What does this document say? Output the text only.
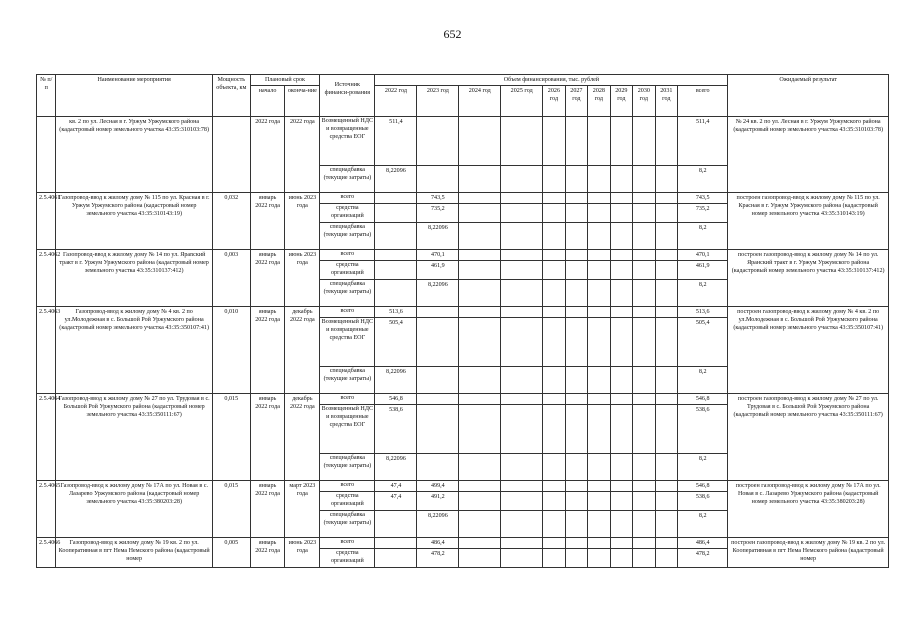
652
№ п/п	Наименование мероприятия	Мощность объекта, км	Плановый срок		Источник финанси-рования	Объем финансирования, тыс. рублей											Ожидаемый результат
			начало	оконча-ние		2022 год	2023 год	2024 год	2025 год	2026 год	2027 год	2028 год	2029 год	2030 год	2031 год	всего	
	кв. 2 по ул. Лесная в г. Уржум Уржумского района (кадастровый номер земельного участка 43:35:310103:78)		2022 года	2022 года	Возмещенный НДС и возвращенные средства ЕОГ	511,4										511,4	№ 24 кв. 2 по ул. Лесная в г. Уржум Уржумского района (кадастровый номер земельного участка 43:35:310103:78)
					спецнадбавка (текущие затраты)	8,22096										8,2	
2.5.4061	Газопровод-ввод к жилому дому № 115 по ул. Красная в г. Уржум Уржумского района (кадастровый номер земельного участка 43:35:310143:19)	0,032	январь 2022 года	июнь 2023 года	всего		743,5									743,5	построен газопровод-ввод к жилому дому № 115 по ул. Красная в г. Уржум Уржумского района (кадастровый номер земельного участка 43:35:310143:19)
					средства организаций		735,2									735,2	
					спецнадбавка (текущие затраты)		8,22096									8,2	
2.5.4062	Газопровод-ввод к жилому дому № 14 по ул. Ярanский тракт в г. Уржум Уржумского района (кадастровый номер земельного участка 43:35:310137:412)	0,003	январь 2022 года	июнь 2023 года	всего		470,1									470,1	построен газопровод-ввод к жилому дому № 14 по ул. Яранский тракт в г. Уржум Уржумского района (кадастровый номер земельного участка 43:35:310137:412)
					средства организаций		461,9									461,9	
					спецнадбавка (текущие затраты)		8,22096									8,2	
2.5.4063	Газопровод-ввод к жилому дому № 4 кв. 2 по ул.Молодежная в с. Большой Рой Уржумского района (кадастровый номер земельного участка 43:35:350107:41)	0,010	январь 2022 года	декабрь 2022 года	всего	513,6										513,6	построен газопровод-ввод к жилому дому № 4 кв. 2 по ул.Молодежная в с. Большой Рой Уржумского района (кадастровый номер земельного участка 43:35:350107:41)
					Возмещенный НДС и возвращенные средства ЕОГ	505,4										505,4	
					спецнадбавка (текущие затраты)	8,22096										8,2	
2.5.4064	Газопровод-ввод к жилому дому № 27 по ул. Трудовая в с. Большой Рой Уржумского района (кадастровый номер земельного участка 43:35:350111:67)	0,015	январь 2022 года	декабрь 2022 года	всего	546,8										546,8	построен газопровод-ввод к жилому дому № 27 по ул. Трудовая в с. Большой Рой Уржумского района (кадастровый номер земельного участка 43:35:350111:67)
					Возмещенный НДС и возвращенные средства ЕОГ	538,6										538,6	
					спецнадбавка (текущие затраты)	8,22096										8,2	
2.5.4065	Газопровод-ввод к жилому дому № 17А по ул. Новая в с. Лазарево Уржумского района (кадастровый номер земельного участка 43:35:380203:28)	0,015	январь 2022 года	март 2023 года	всего	47,4	499,4									546,8	построен газопровод-ввод к жилому дому № 17А по ул. Новая в с. Лазарево Уржумского района (кадастровый номер земельного участка 43:35:380203:28)
					средства организаций	47,4	491,2									538,6	
					спецнадбавка (текущие затраты)		8,22096									8,2	
2.5.4066	Газопровод-ввод к жилому дому № 19 кв. 2 по ул. Кооперативная в пгт Нема Немского района (кадастровый номер	0,005	январь 2022 года	июнь 2023 года	всего		486,4									486,4	построен газопровод-ввод к жилому дому № 19 кв. 2 по ул. Кооперативная в пгт Нема Немского района (кадастровый номер
					средства организаций		478,2									478,2	
